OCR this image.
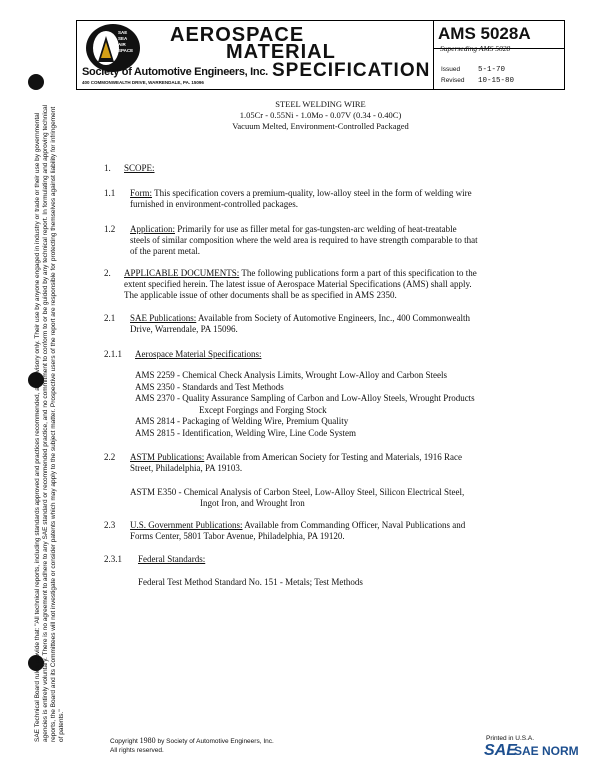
SAE Technical Board rules provide that: "All technical reports, including standards approved and practices recommended, are advisory only. Their use by anyone engaged in industry or trade or their use by governmental agencies is entirely voluntary. There is no agreement to adhere to any SAE standard or recommended practice, and no commitment to conform to or be guided by any technical report. In formulating and approving technical reports, the Board and its Committees will not investigate or consider patents which may apply to the subject matter. Prospective users of the report are responsible for protecting themselves against liability for infringement of patents."
SAE
SEA
AIR
SPACE
AEROSPACE
MATERIAL
SPECIFICATION
Society of Automotive Engineers, Inc.
400 COMMONWEALTH DRIVE, WARRENDALE, PA. 15096
AMS 5028A
Superseding AMS 5028
Issued 5-1-70
Revised 10-15-80
STEEL WELDING WIRE
1.05Cr - 0.55Ni - 1.0Mo - 0.07V (0.34 - 0.40C)
Vacuum Melted, Environment-Controlled Packaged
1. SCOPE:
1.1 Form: This specification covers a premium-quality, low-alloy steel in the form of welding wire
furnished in environment-controlled packages.
1.2 Application: Primarily for use as filler metal for gas-tungsten-arc welding of heat-treatable
steels of similar composition where the weld area is required to have strength comparable to that
of the parent metal.
2. APPLICABLE DOCUMENTS: The following publications form a part of this specification to the
extent specified herein. The latest issue of Aerospace Material Specifications (AMS) shall apply.
The applicable issue of other documents shall be as specified in AMS 2350.
2.1 SAE Publications: Available from Society of Automotive Engineers, Inc., 400 Commonwealth
Drive, Warrendale, PA 15096.
2.1.1 Aerospace Material Specifications:
AMS 2259 - Chemical Check Analysis Limits, Wrought Low-Alloy and Carbon Steels
AMS 2350 - Standards and Test Methods
AMS 2370 - Quality Assurance Sampling of Carbon and Low-Alloy Steels, Wrought Products
Except Forgings and Forging Stock
AMS 2814 - Packaging of Welding Wire, Premium Quality
AMS 2815 - Identification, Welding Wire, Line Code System
2.2 ASTM Publications: Available from American Society for Testing and Materials, 1916 Race
Street, Philadelphia, PA 19103.
ASTM E350 - Chemical Analysis of Carbon Steel, Low-Alloy Steel, Silicon Electrical Steel,
Ingot Iron, and Wrought Iron
2.3 U.S. Government Publications: Available from Commanding Officer, Naval Publications and
Forms Center, 5801 Tabor Avenue, Philadelphia, PA 19120.
2.3.1 Federal Standards:
Federal Test Method Standard No. 151 - Metals; Test Methods
Copyright 1980 by Society of Automotive Engineers, Inc.
All rights reserved.
Printed in U.S.A.
SAE
SAE NORM
